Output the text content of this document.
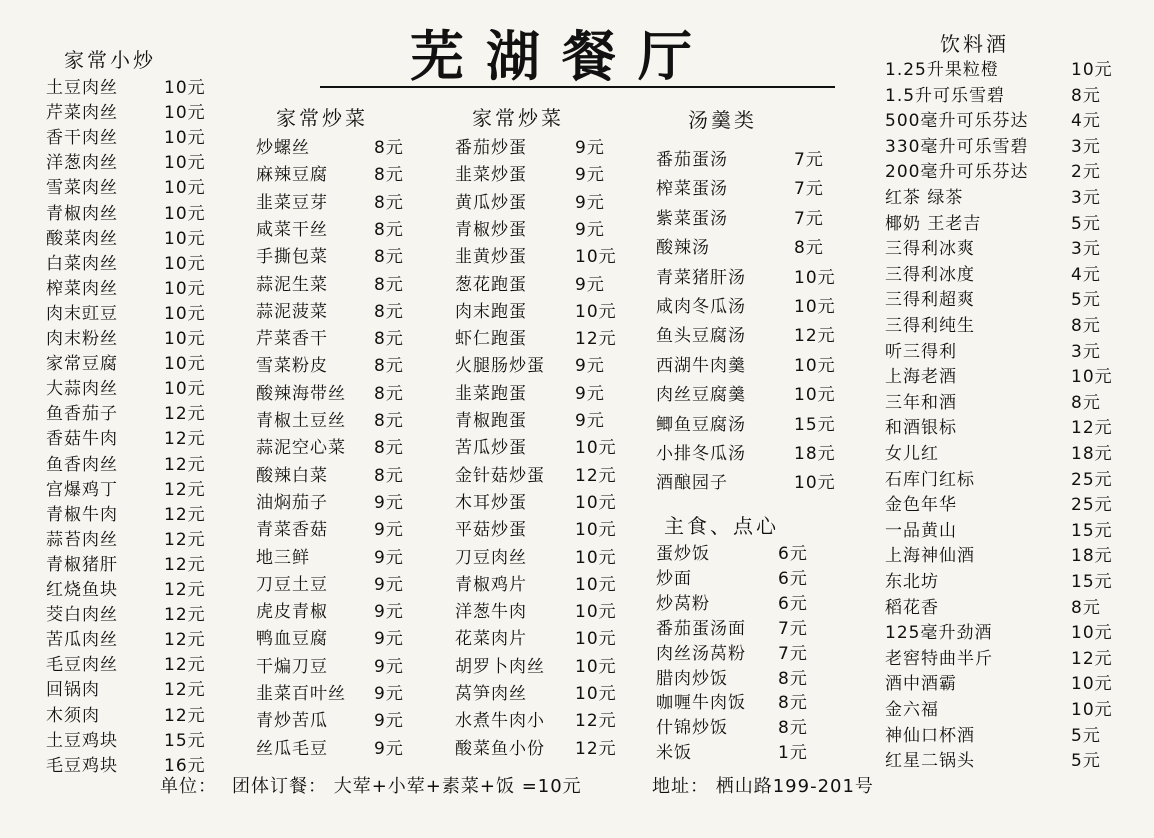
芜湖餐厅
家常小炒
土豆肉丝	10元
芹菜肉丝	10元
香干肉丝	10元
洋葱肉丝	10元
雪菜肉丝	10元
青椒肉丝	10元
酸菜肉丝	10元
白菜肉丝	10元
榨菜肉丝	10元
肉末豇豆	10元
肉末粉丝	10元
家常豆腐	10元
大蒜肉丝	10元
鱼香茄子	12元
香菇牛肉	12元
鱼香肉丝	12元
宫爆鸡丁	12元
青椒牛肉	12元
蒜苔肉丝	12元
青椒猪肝	12元
红烧鱼块	12元
茭白肉丝	12元
苦瓜肉丝	12元
毛豆肉丝	12元
回锅肉	12元
木须肉	12元
土豆鸡块	15元
毛豆鸡块	16元
家常炒菜
炒螺丝	8元
麻辣豆腐	8元
韭菜豆芽	8元
咸菜干丝	8元
手撕包菜	8元
蒜泥生菜	8元
蒜泥菠菜	8元
芹菜香干	8元
雪菜粉皮	8元
酸辣海带丝 8元
青椒土豆丝 8元
蒜泥空心菜 8元
酸辣白菜	8元
油焖茄子	9元
青菜香菇	9元
地三鲜	9元
刀豆土豆	9元
虎皮青椒	9元
鸭血豆腐	9元
干煸刀豆	9元
韭菜百叶丝 9元
青炒苦瓜	9元
丝瓜毛豆	9元
家常炒菜
番茄炒蛋	9元
韭菜炒蛋	9元
黄瓜炒蛋	9元
青椒炒蛋	9元
韭黄炒蛋	10元
葱花跑蛋	9元
肉末跑蛋	10元
虾仁跑蛋	12元
火腿肠炒蛋 9元
韭菜跑蛋	9元
青椒跑蛋	9元
苦瓜炒蛋	10元
金针菇炒蛋 12元
木耳炒蛋	10元
平菇炒蛋	10元
刀豆肉丝	10元
青椒鸡片	10元
洋葱牛肉	10元
花菜肉片	10元
胡罗卜肉丝 10元
莴笋肉丝	10元
水煮牛肉小 12元
酸菜鱼小份 12元
汤羹类
番茄蛋汤	7元
榨菜蛋汤	7元
紫菜蛋汤	7元
酸辣汤	8元
青菜猪肝汤	10元
咸肉冬瓜汤	10元
鱼头豆腐汤	12元
西湖牛肉羹	10元
肉丝豆腐羹	10元
鲫鱼豆腐汤	15元
小排冬瓜汤	18元
酒酿园子	10元
主食、点心
蛋炒饭	6元
炒面	6元
炒莴粉	6元
番茄蛋汤面 7元
肉丝汤莴粉 7元
腊肉炒饭	8元
咖喱牛肉饭 8元
什锦炒饭	8元
米饭	1元
饮料酒
1.25升果粒橙	10元
1.5升可乐雪碧	8元
500毫升可乐芬达	4元
330毫升可乐雪碧	3元
200毫升可乐芬达	2元
红茶 绿茶	3元
椰奶 王老吉	5元
三得利冰爽	3元
三得利冰度	4元
三得利超爽	5元
三得利纯生	8元
听三得利	3元
上海老酒	10元
三年和酒	8元
和酒银标	12元
女儿红	18元
石库门红标	25元
金色年华	25元
一品黄山	15元
上海神仙酒	18元
东北坊	15元
稻花香	8元
125毫升劲酒	10元
老窖特曲半斤	12元
酒中酒霸	10元
金六福	10元
神仙口杯酒	5元
红星二锅头	5元
单位： 团体订餐： 大荤+小荤+素菜+饭 =10元	地址： 栖山路199-201号
